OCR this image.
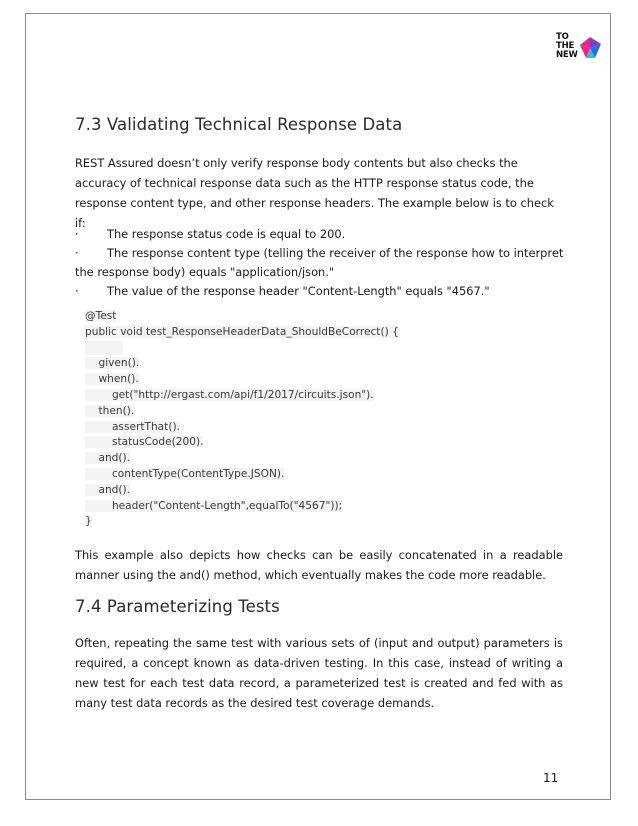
TO
THE
NEW
7.3 Validating Technical Response Data

REST Assured doesn’t only verify response body contents but also checks the accuracy of technical response data such as the HTTP response status code, the response content type, and other response headers. The example below is to check if:

· The response status code is equal to 200.
· The response content type (telling the receiver of the response how to interpret the response body) equals "application/json."
· The value of the response header "Content-Length" equals "4567."
@Test
public void test_ResponseHeaderData_ShouldBeCorrect() {
given().
when().
get("http://ergast.com/api/f1/2017/circuits.json").
then().
assertThat().
statusCode(200).
and().
contentType(ContentType.JSON).
and().
header("Content-Length",equalTo("4567"));
}

This example also depicts how checks can be easily concatenated in a readable manner using the and() method, which eventually makes the code more readable.

7.4 Parameterizing Tests

Often, repeating the same test with various sets of (input and output) parameters is required, a concept known as data-driven testing. In this case, instead of writing a new test for each test data record, a parameterized test is created and fed with as many test data records as the desired test coverage demands.

11
